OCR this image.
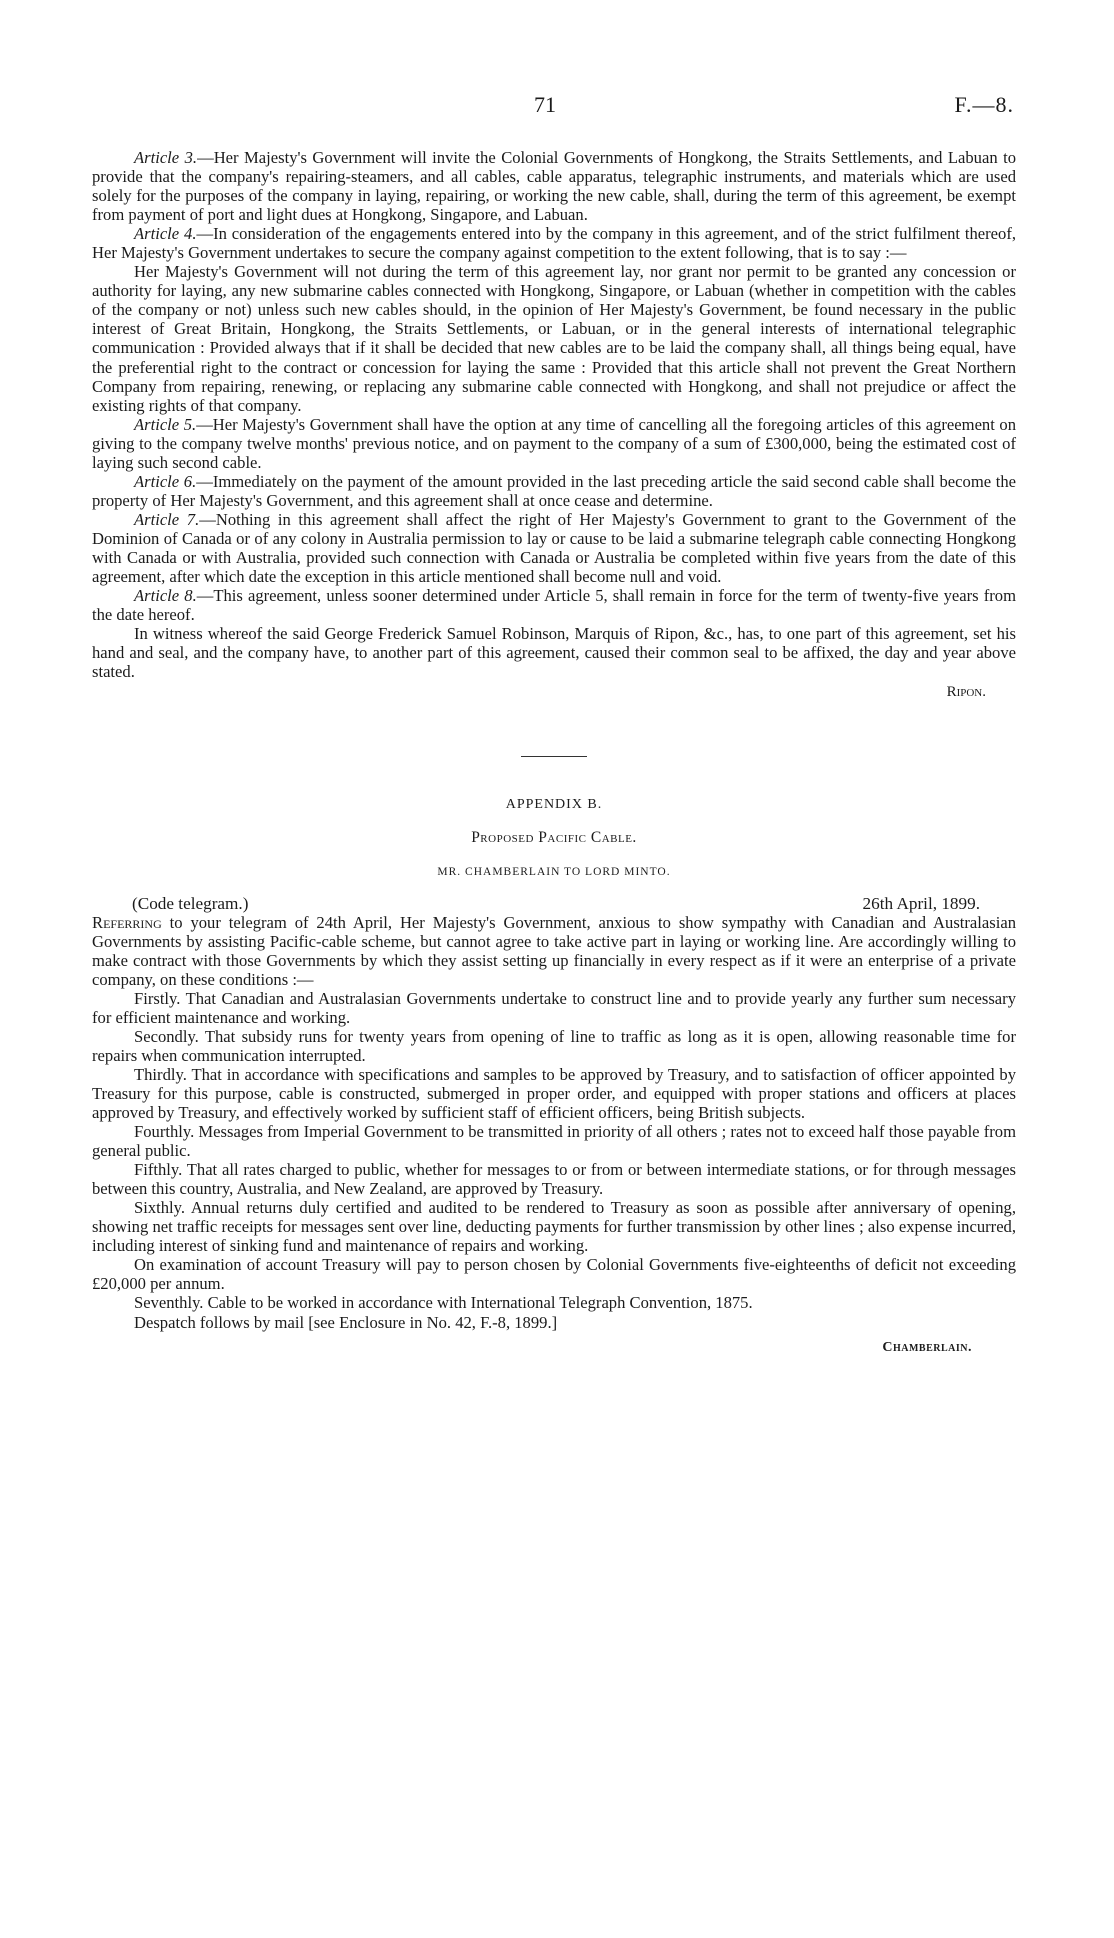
71	F.—8.

Article 3.—Her Majesty's Government will invite the Colonial Governments of Hongkong, the Straits Settlements, and Labuan to provide that the company's repairing-steamers, and all cables, cable apparatus, telegraphic instruments, and materials which are used solely for the purposes of the company in laying, repairing, or working the new cable, shall, during the term of this agreement, be exempt from payment of port and light dues at Hongkong, Singapore, and Labuan.

Article 4.—In consideration of the engagements entered into by the company in this agreement, and of the strict fulfilment thereof, Her Majesty's Government undertakes to secure the company against competition to the extent following, that is to say :—

Her Majesty's Government will not during the term of this agreement lay, nor grant nor permit to be granted any concession or authority for laying, any new submarine cables connected with Hongkong, Singapore, or Labuan (whether in competition with the cables of the company or not) unless such new cables should, in the opinion of Her Majesty's Government, be found necessary in the public interest of Great Britain, Hongkong, the Straits Settlements, or Labuan, or in the general interests of international telegraphic communication : Provided always that if it shall be decided that new cables are to be laid the company shall, all things being equal, have the preferential right to the contract or concession for laying the same : Provided that this article shall not prevent the Great Northern Company from repairing, renewing, or replacing any submarine cable connected with Hongkong, and shall not prejudice or affect the existing rights of that company.

Article 5.—Her Majesty's Government shall have the option at any time of cancelling all the foregoing articles of this agreement on giving to the company twelve months' previous notice, and on payment to the company of a sum of £300,000, being the estimated cost of laying such second cable.

Article 6.—Immediately on the payment of the amount provided in the last preceding article the said second cable shall become the property of Her Majesty's Government, and this agreement shall at once cease and determine.

Article 7.—Nothing in this agreement shall affect the right of Her Majesty's Government to grant to the Government of the Dominion of Canada or of any colony in Australia permission to lay or cause to be laid a submarine telegraph cable connecting Hongkong with Canada or with Australia, provided such connection with Canada or Australia be completed within five years from the date of this agreement, after which date the exception in this article mentioned shall become null and void.

Article 8.—This agreement, unless sooner determined under Article 5, shall remain in force for the term of twenty-five years from the date hereof.

In witness whereof the said George Frederick Samuel Robinson, Marquis of Ripon, &c., has, to one part of this agreement, set his hand and seal, and the company have, to another part of this agreement, caused their common seal to be affixed, the day and year above stated.

Ripon.

APPENDIX B.

Proposed Pacific Cable.

MR. CHAMBERLAIN TO LORD MINTO.

(Code telegram.)	26th April, 1899.

Referring to your telegram of 24th April, Her Majesty's Government, anxious to show sympathy with Canadian and Australasian Governments by assisting Pacific-cable scheme, but cannot agree to take active part in laying or working line. Are accordingly willing to make contract with those Governments by which they assist setting up financially in every respect as if it were an enterprise of a private company, on these conditions :—

Firstly. That Canadian and Australasian Governments undertake to construct line and to provide yearly any further sum necessary for efficient maintenance and working.

Secondly. That subsidy runs for twenty years from opening of line to traffic as long as it is open, allowing reasonable time for repairs when communication interrupted.

Thirdly. That in accordance with specifications and samples to be approved by Treasury, and to satisfaction of officer appointed by Treasury for this purpose, cable is constructed, submerged in proper order, and equipped with proper stations and officers at places approved by Treasury, and effectively worked by sufficient staff of efficient officers, being British subjects.

Fourthly. Messages from Imperial Government to be transmitted in priority of all others ; rates not to exceed half those payable from general public.

Fifthly. That all rates charged to public, whether for messages to or from or between intermediate stations, or for through messages between this country, Australia, and New Zealand, are approved by Treasury.

Sixthly. Annual returns duly certified and audited to be rendered to Treasury as soon as possible after anniversary of opening, showing net traffic receipts for messages sent over line, deducting payments for further transmission by other lines ; also expense incurred, including interest of sinking fund and maintenance of repairs and working.

On examination of account Treasury will pay to person chosen by Colonial Governments five-eighteenths of deficit not exceeding £20,000 per annum.

Seventhly. Cable to be worked in accordance with International Telegraph Convention, 1875.

Despatch follows by mail [see Enclosure in No. 42, F.-8, 1899.]

Chamberlain.
